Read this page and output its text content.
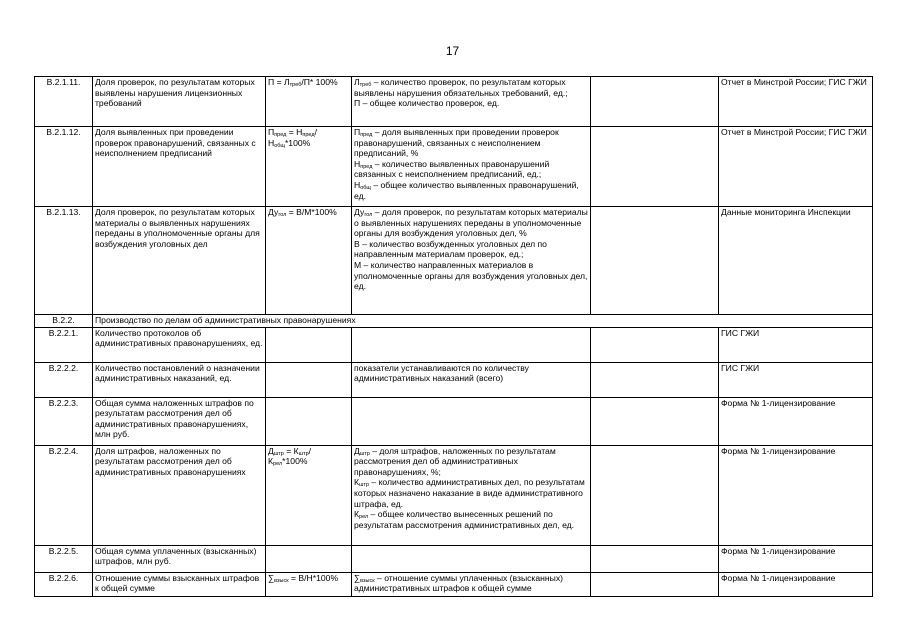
17
В.2.1.11.	Доля проверок, по результатам которых выявлены нарушения лицензионных требований	$П = Л_{треб}/П*$ 100%	$Л_{треб}$ – количество проверок, по результатам которых выявлены нарушения обязательных требований, ед.;
П – общее количество проверок, ед.		Отчет в Минстрой России; ГИС ГЖИ
В.2.1.12.	Доля выявленных при проведении проверок правонарушений, связанных с неисполнением предписаний	$П_{пред} = Н_{пред}/Н_{общ}*100\%$	$П_{пред}$ – доля выявленных при проведении проверок правонарушений, связанных с неисполнением предписаний, %
$Н_{пред}$ – количество выявленных правонарушений связанных с неисполнением предписаний, ед.;
$Н_{общ}$ – общее количество выявленных правонарушений, ед.		Отчет в Минстрой России; ГИС ГЖИ
В.2.1.13.	Доля проверок, по результатам которых материалы о выявленных нарушениях переданы в уполномоченные органы для возбуждения уголовных дел	$Ду_{гол} = В/М*100\%$	$Ду_{гол}$ – доля проверок, по результатам которых материалы о выявленных нарушениях переданы в уполномоченные органы для возбуждения уголовных дел, %
В – количество возбужденных уголовных дел по направленным материалам проверок, ед.;
М – количество направленных материалов в уполномоченные органы для возбуждения уголовных дел, ед.		Данные мониторинга Инспекции
В.2.2.	Производство по делам об административных правонарушениях				
В.2.2.1.	Количество протоколов об административных правонарушениях, ед.				ГИС ГЖИ
В.2.2.2.	Количество постановлений о назначении административных наказаний, ед.		показатели устанавливаются по количеству административных наказаний (всего)		ГИС ГЖИ
В.2.2.3.	Общая сумма наложенных штрафов по результатам рассмотрения дел об административных правонарушениях, млн руб.				Форма № 1-лицензирование
В.2.2.4.	Доля штрафов, наложенных по результатам рассмотрения дел об административных правонарушениях	$Д_{штр} = К_{штр}/К_{рел}*100\%$	$Д_{штр}$ – доля штрафов, наложенных по результатам рассмотрения дел об административных правонарушениях, %;
$К_{штр}$ – количество административных дел, по результатам которых назначено наказание в виде административного штрафа, ед.
$К_{рел}$ – общее количество вынесенных решений по результатам рассмотрения административных дел, ед.		Форма № 1-лицензирование
В.2.2.5.	Общая сумма уплаченных (взысканных) штрафов, млн руб.				Форма № 1-лицензирование
В.2.2.6.	Отношение суммы взысканных штрафов к общей сумме	$\sum_{взыск} = В/Н*100\%$	$\sum_{взыск}$ – отношение суммы уплаченных (взысканных) административных штрафов к общей сумме		Форма № 1-лицензирование
